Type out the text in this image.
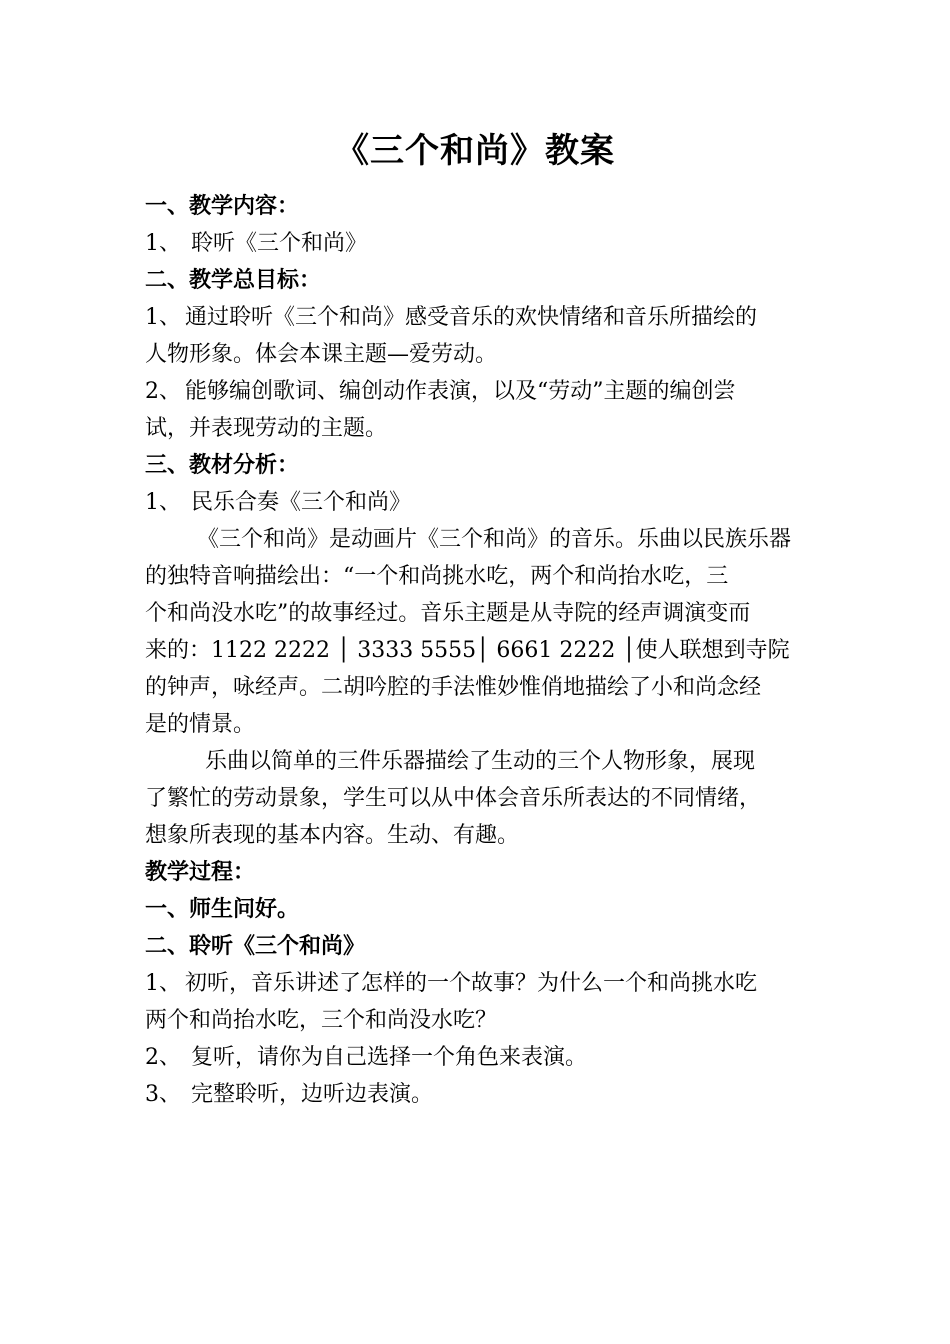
《三个和尚》教案
一、教学内容：
1、 聆听《三个和尚》
二、教学总目标：
1、 通过聆听《三个和尚》感受音乐的欢快情绪和音乐所描绘的
人物形象。体会本课主题—爱劳动。
2、 能够编创歌词、编创动作表演，以及“劳动”主题的编创尝
试，并表现劳动的主题。
三、教材分析：
1、 民乐合奏《三个和尚》
《三个和尚》是动画片《三个和尚》的音乐。乐曲以民族乐器
的独特音响描绘出：“一个和尚挑水吃，两个和尚抬水吃，三
个和尚没水吃”的故事经过。音乐主题是从寺院的经声调演变而
来的：1122 2222 │ 3333 5555│ 6661 2222 │使人联想到寺院
的钟声，咏经声。二胡吟腔的手法惟妙惟俏地描绘了小和尚念经
是的情景。
乐曲以简单的三件乐器描绘了生动的三个人物形象，展现
了繁忙的劳动景象，学生可以从中体会音乐所表达的不同情绪，
想象所表现的基本内容。生动、有趣。
教学过程：
一、师生问好。
二、聆听《三个和尚》
1、 初听，音乐讲述了怎样的一个故事？为什么一个和尚挑水吃
两个和尚抬水吃，三个和尚没水吃？
2、 复听，请你为自己选择一个角色来表演。
3、 完整聆听，边听边表演。
